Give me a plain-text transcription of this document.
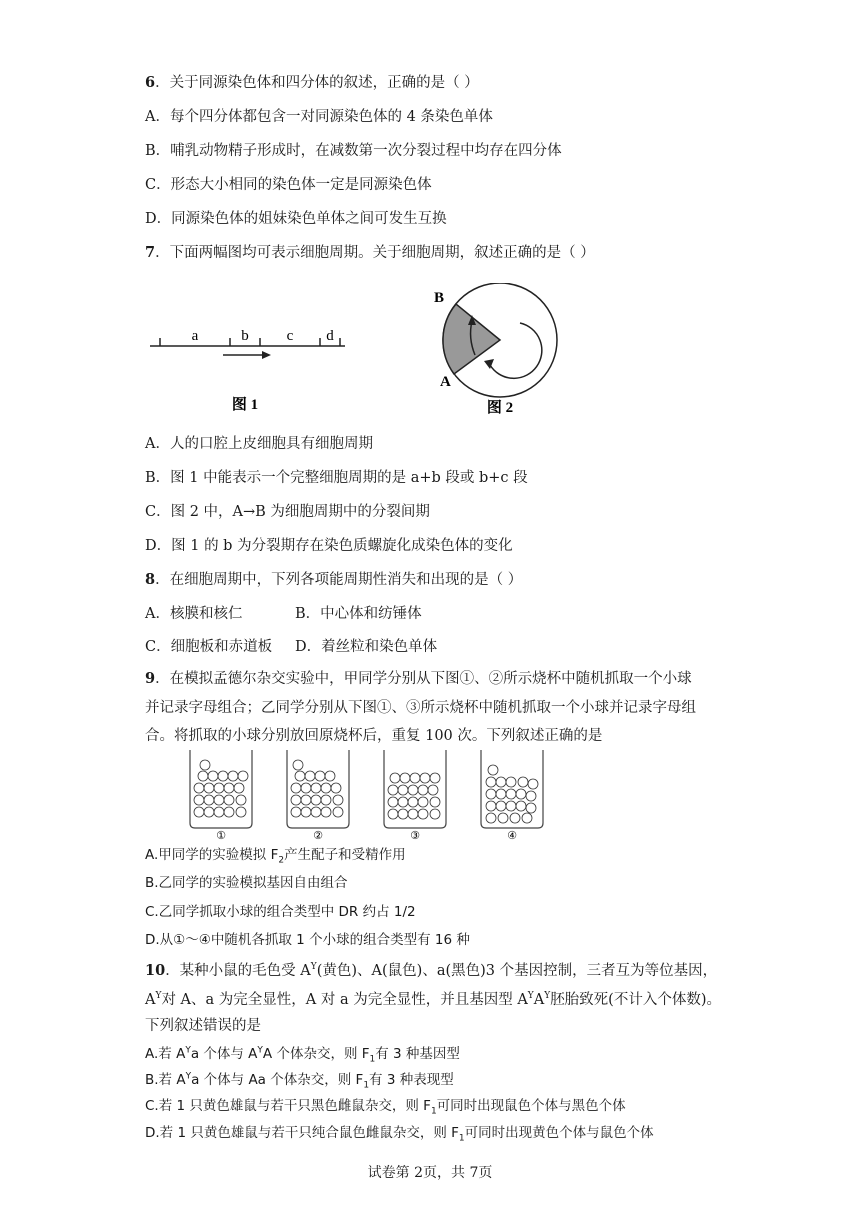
6．关于同源染色体和四分体的叙述，正确的是（ ）
A．每个四分体都包含一对同源染色体的 4 条染色单体
B．哺乳动物精子形成时，在减数第一次分裂过程中均存在四分体
C．形态大小相同的染色体一定是同源染色体
D．同源染色体的姐妹染色单体之间可发生互换
7．下面两幅图均可表示细胞周期。关于细胞周期，叙述正确的是（ ）
a	b	c d
图 1
B
A
图 2
A．人的口腔上皮细胞具有细胞周期
B．图 1 中能表示一个完整细胞周期的是 a+b 段或 b+c 段
C．图 2 中，A→B 为细胞周期中的分裂间期
D．图 1 的 b 为分裂期存在染色质螺旋化成染色体的变化
8．在细胞周期中，下列各项能周期性消失和出现的是（ ）
A．核膜和核仁	B．中心体和纺锤体
C．细胞板和赤道板 D．着丝粒和染色单体
9．在模拟孟德尔杂交实验中，甲同学分别从下图①、②所示烧杯中随机抓取一个小球
并记录字母组合；乙同学分别从下图①、③所示烧杯中随机抓取一个小球并记录字母组
合。将抓取的小球分别放回原烧杯后，重复 100 次。下列叙述正确的是
①	②	③	④
A.甲同学的实验模拟 $F_2$产生配子和受精作用
B.乙同学的实验模拟基因自由组合
C.乙同学抓取小球的组合类型中 DR 约占 1/2
D.从①～④中随机各抓取 1 个小球的组合类型有 16 种
10．某种小鼠的毛色受 $A^Y$(黄色)、A(鼠色)、a(黑色)3 个基因控制，三者互为等位基因，
$A^Y$对 A、a 为完全显性，A 对 a 为完全显性，并且基因型 $A^YA^Y$胚胎致死(不计入个体数)。
下列叙述错误的是
A.若 $A^Ya$ 个体与 $A^YA$ 个体杂交，则 $F_1$有 3 种基因型
B.若 $A^Ya$ 个体与 Aa 个体杂交，则 $F_1$有 3 种表现型
C.若 1 只黄色雄鼠与若干只黑色雌鼠杂交，则 $F_1$可同时出现鼠色个体与黑色个体
D.若 1 只黄色雄鼠与若干只纯合鼠色雌鼠杂交，则 $F_1$可同时出现黄色个体与鼠色个体
试卷第 2页，共 7页
